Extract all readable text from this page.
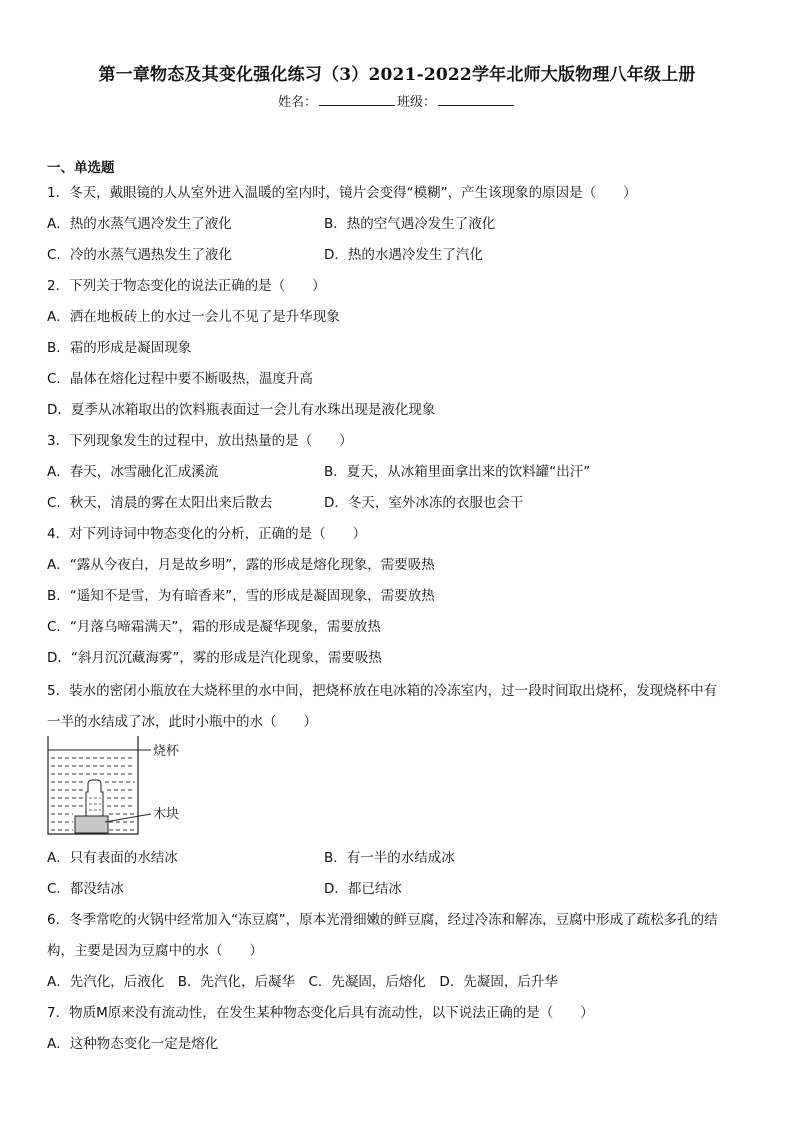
第一章物态及其变化强化练习（3）2021-2022学年北师大版物理八年级上册
姓名：	班级：
一、单选题
1．冬天，戴眼镜的人从室外进入温暖的室内时，镜片会变得“模糊”，产生该现象的原因是（　　）
A．热的水蒸气遇冷发生了液化	B．热的空气遇冷发生了液化
C．冷的水蒸气遇热发生了液化	D．热的水遇冷发生了汽化
2．下列关于物态变化的说法正确的是（　　）
A．洒在地板砖上的水过一会儿不见了是升华现象
B．霜的形成是凝固现象
C．晶体在熔化过程中要不断吸热，温度升高
D．夏季从冰箱取出的饮料瓶表面过一会儿有水珠出现是液化现象
3．下列现象发生的过程中，放出热量的是（　　）
A．春天，冰雪融化汇成溪流	B．夏天，从冰箱里面拿出来的饮料罐“出汗”
C．秋天，清晨的雾在太阳出来后散去	D．冬天，室外冰冻的衣服也会干
4．对下列诗词中物态变化的分析，正确的是（　　）
A．“露从今夜白，月是故乡明”，露的形成是熔化现象，需要吸热
B．“遥知不是雪，为有暗香来”，雪的形成是凝固现象，需要放热
C．“月落乌啼霜满天”，霜的形成是凝华现象，需要放热
D．“斜月沉沉藏海雾”，雾的形成是汽化现象，需要吸热
5．装水的密闭小瓶放在大烧杯里的水中间，把烧杯放在电冰箱的冷冻室内，过一段时间取出烧杯，发现烧杯中有
一半的水结成了冰，此时小瓶中的水（　　）
烧杯
木块
A．只有表面的水结冰	B．有一半的水结成冰
C．都没结冰	D．都已结冰
6．冬季常吃的火锅中经常加入“冻豆腐”，原本光滑细嫩的鲜豆腐，经过冷冻和解冻，豆腐中形成了疏松多孔的结
构，主要是因为豆腐中的水（　　）
A．先汽化，后液化　B．先汽化，后凝华　C．先凝固，后熔化　D．先凝固，后升华
7．物质M原来没有流动性，在发生某种物态变化后具有流动性，以下说法正确的是（　　）
A．这种物态变化一定是熔化
